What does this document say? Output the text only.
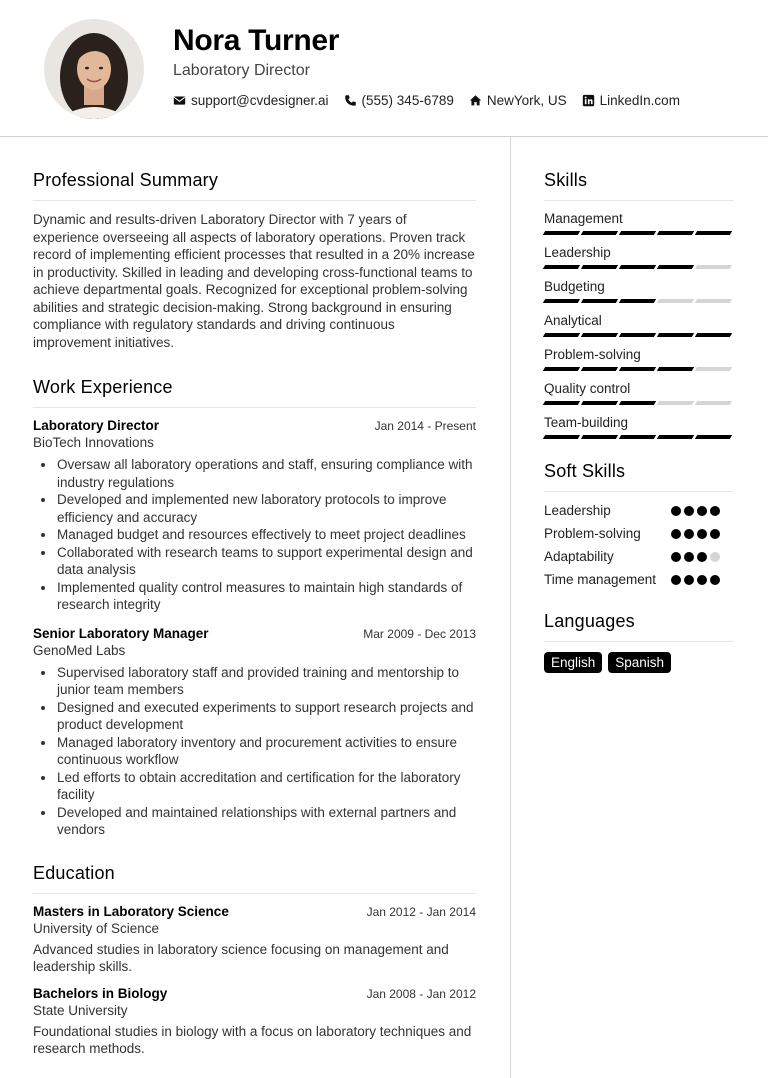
Nora Turner
Laboratory Director
support@cvdesigner.ai (555) 345-6789 NewYork, US LinkedIn.com
Professional Summary

Dynamic and results-driven Laboratory Director with 7 years of experience overseeing all aspects of laboratory operations. Proven track record of implementing efficient processes that resulted in a 20% increase in productivity. Skilled in leading and developing cross-functional teams to achieve departmental goals. Recognized for exceptional problem-solving abilities and strategic decision-making. Strong background in ensuring compliance with regulatory standards and driving continuous improvement initiatives.

Work Experience
Laboratory Director	Jan 2014 - Present
BioTech Innovations
Oversaw all laboratory operations and staff, ensuring compliance with industry regulations
Developed and implemented new laboratory protocols to improve efficiency and accuracy
Managed budget and resources effectively to meet project deadlines
Collaborated with research teams to support experimental design and data analysis
Implemented quality control measures to maintain high standards of research integrity
Senior Laboratory Manager	Mar 2009 - Dec 2013
GenoMed Labs
Supervised laboratory staff and provided training and mentorship to junior team members
Designed and executed experiments to support research projects and product development
Managed laboratory inventory and procurement activities to ensure continuous workflow
Led efforts to obtain accreditation and certification for the laboratory facility
Developed and maintained relationships with external partners and vendors
Education
Masters in Laboratory Science	Jan 2012 - Jan 2014
University of Science

Advanced studies in laboratory science focusing on management and leadership skills.

Bachelors in Biology	Jan 2008 - Jan 2012
State University

Foundational studies in biology with a focus on laboratory techniques and research methods.

Skills
Management
Leadership
Budgeting
Analytical
Problem-solving
Quality control
Team-building
Soft Skills
Leadership
Problem-solving
Adaptability
Time management
Languages
English	Spanish
